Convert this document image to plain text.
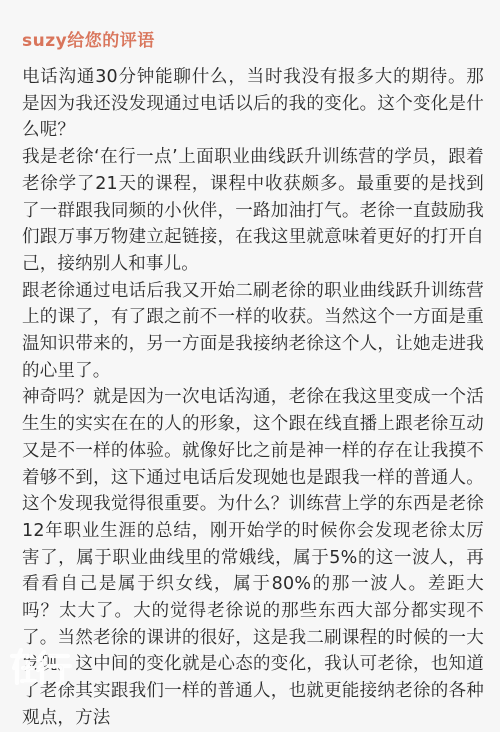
suzy给您的评语

电话沟通30分钟能聊什么，当时我没有报多大的期待。那是因为我还没发现通过电话以后的我的变化。这个变化是什么呢？

我是老徐‘在行一点’上面职业曲线跃升训练营的学员，跟着老徐学了21天的课程，课程中收获颇多。最重要的是找到了一群跟我同频的小伙伴，一路加油打气。老徐一直鼓励我们跟万事万物建立起链接，在我这里就意味着更好的打开自己，接纳别人和事儿。

跟老徐通过电话后我又开始二刷老徐的职业曲线跃升训练营上的课了，有了跟之前不一样的收获。当然这个一方面是重温知识带来的，另一方面是我接纳老徐这个人，让她走进我的心里了。

神奇吗？就是因为一次电话沟通，老徐在我这里变成一个活生生的实实在在的人的形象，这个跟在线直播上跟老徐互动又是不一样的体验。就像好比之前是神一样的存在让我摸不着够不到，这下通过电话后发现她也是跟我一样的普通人。这个发现我觉得很重要。为什么？训练营上学的东西是老徐12年职业生涯的总结，刚开始学的时候你会发现老徐太厉害了，属于职业曲线里的常娥线，属于5%的这一波人，再看看自己是属于织女线，属于80%的那一波人。差距大吗？太大了。大的觉得老徐说的那些东西大部分都实现不了。当然老徐的课讲的很好，这是我二刷课程的时候的一大发现。这中间的变化就是心态的变化，我认可老徐，也知道了老徐其实跟我们一样的普通人，也就更能接纳老徐的各种观点，方法
